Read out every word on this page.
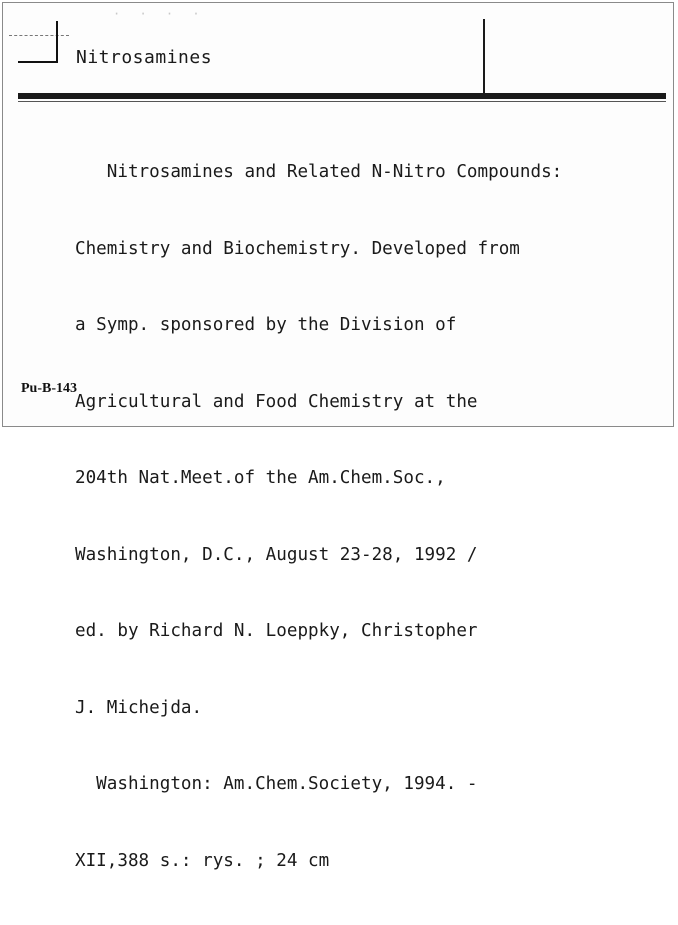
· · · ·
Nitrosamines

Nitrosamines and Related N-Nitro Compounds:

Chemistry and Biochemistry. Developed from

a Symp. sponsored by the Division of

Agricultural and Food Chemistry at the

204th Nat.Meet.of the Am.Chem.Soc.,

Washington, D.C., August 23-28, 1992 /

ed. by Richard N. Loeppky, Christopher

J. Michejda.

Washington: Am.Chem.Society, 1994. -

XII,388 s.: rys. ; 24 cm

Pu-B-143
